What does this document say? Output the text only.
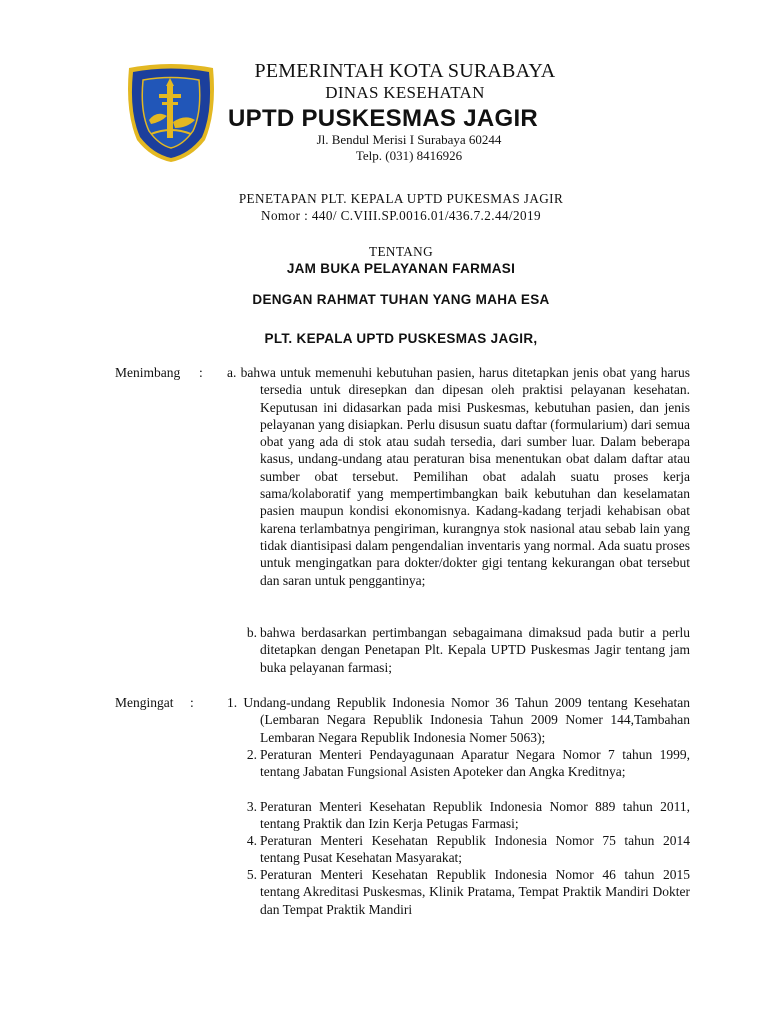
PEMERINTAH KOTA SURABAYA
DINAS KESEHATAN
UPTD PUSKESMAS JAGIR
Jl. Bendul Merisi I Surabaya 60244
Telp. (031) 8416926
PENETAPAN PLT. KEPALA UPTD PUKESMAS JAGIR
Nomor : 440/ C.VIII.SP.0016.01/436.7.2.44/2019
TENTANG
JAM BUKA PELAYANAN FARMASI
DENGAN RAHMAT TUHAN YANG MAHA ESA
PLT. KEPALA UPTD PUSKESMAS JAGIR,
Menimbang : a. bahwa untuk memenuhi kebutuhan pasien, harus ditetapkan jenis obat yang harus tersedia untuk diresepkan dan dipesan oleh praktisi pelayanan kesehatan. Keputusan ini didasarkan pada misi Puskesmas, kebutuhan pasien, dan jenis pelayanan yang disiapkan. Perlu disusun suatu daftar (formularium) dari semua obat yang ada di stok atau sudah tersedia, dari sumber luar. Dalam beberapa kasus, undang-undang atau peraturan bisa menentukan obat dalam daftar atau sumber obat tersebut. Pemilihan obat adalah suatu proses kerja sama/kolaboratif yang mempertimbangkan baik kebutuhan dan keselamatan pasien maupun kondisi ekonomisnya. Kadang-kadang terjadi kehabisan obat karena terlambatnya pengiriman, kurangnya stok nasional atau sebab lain yang tidak diantisipasi dalam pengendalian inventaris yang normal. Ada suatu proses untuk mengingatkan para dokter/dokter gigi tentang kekurangan obat tersebut dan saran untuk penggantinya;
b. bahwa berdasarkan pertimbangan sebagaimana dimaksud pada butir a perlu ditetapkan dengan Penetapan Plt. Kepala UPTD Puskesmas Jagir tentang jam buka pelayanan farmasi;
Mengingat : 1. Undang-undang Republik Indonesia Nomor 36 Tahun 2009 tentang Kesehatan (Lembaran Negara Republik Indonesia Tahun 2009 Nomer 144,Tambahan Lembaran Negara Republik Indonesia Nomer 5063);
2. Peraturan Menteri Pendayagunaan Aparatur Negara Nomor 7 tahun 1999, tentang Jabatan Fungsional Asisten Apoteker dan Angka Kreditnya;
3. Peraturan Menteri Kesehatan Republik Indonesia Nomor 889 tahun 2011, tentang Praktik dan Izin Kerja Petugas Farmasi;
4. Peraturan Menteri Kesehatan Republik Indonesia Nomor 75 tahun 2014 tentang Pusat Kesehatan Masyarakat;
5. Peraturan Menteri Kesehatan Republik Indonesia Nomor 46 tahun 2015 tentang Akreditasi Puskesmas, Klinik Pratama, Tempat Praktik Mandiri Dokter dan Tempat Praktik Mandiri
